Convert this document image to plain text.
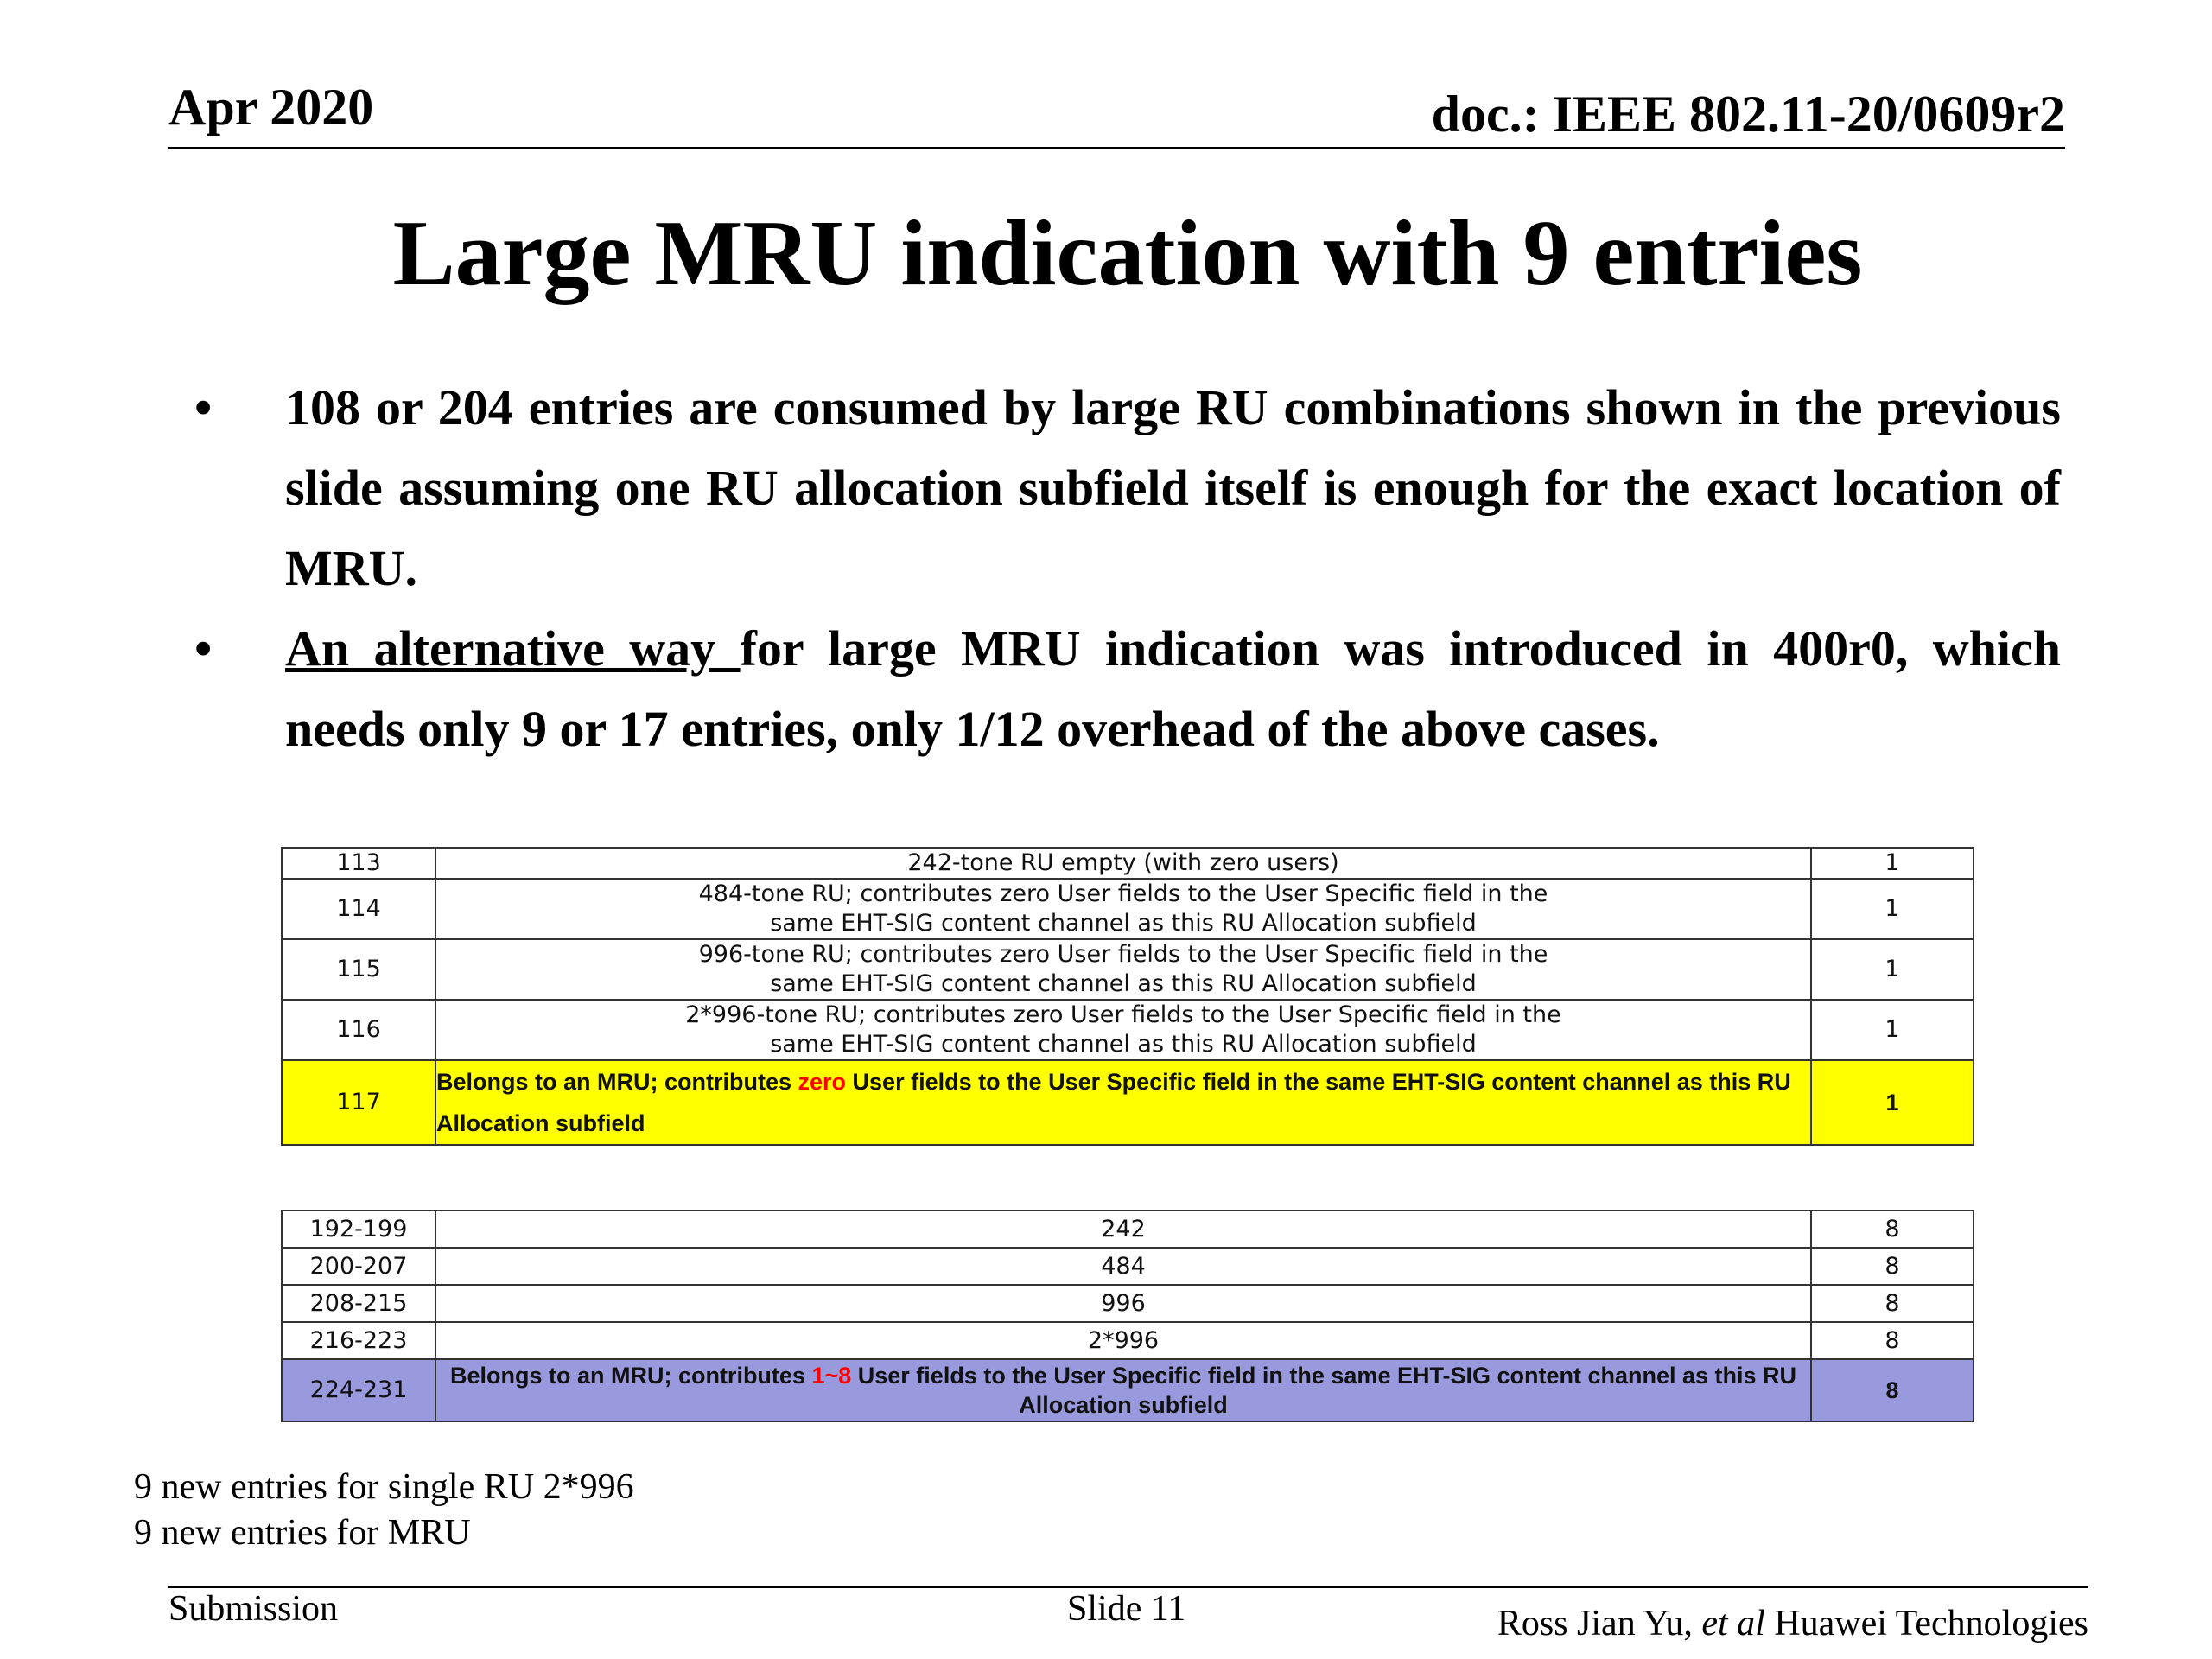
Apr 2020	doc.: IEEE 802.11-20/0609r2
Large MRU indication with 9 entries
• 108 or 204 entries are consumed by large RU combinations shown in the previous slide assuming one RU allocation subfield itself is enough for the exact location of MRU.
• An alternative way for large MRU indication was introduced in 400r0, which needs only 9 or 17 entries, only 1/12 overhead of the above cases.
113	242-tone RU empty (with zero users)	1
114	484-tone RU; contributes zero User fields to the User Specific field in the
same EHT-SIG content channel as this RU Allocation subfield	1
115	996-tone RU; contributes zero User fields to the User Specific field in the
same EHT-SIG content channel as this RU Allocation subfield	1
116	2*996-tone RU; contributes zero User fields to the User Specific field in the
same EHT-SIG content channel as this RU Allocation subfield	1
117	Belongs to an MRU; contributes zero User fields to the User Specific field in the same EHT-SIG content channel as this RU Allocation subfield	1
192-199	242	8
200-207	484	8
208-215	996	8
216-223	2*996	8
224-231	Belongs to an MRU; contributes 1~8 User fields to the User Specific field in the same EHT-SIG content channel as this RU Allocation subfield	8
9 new entries for single RU 2*996
9 new entries for MRU
Submission	Slide 11	Ross Jian Yu, et al Huawei Technologies
